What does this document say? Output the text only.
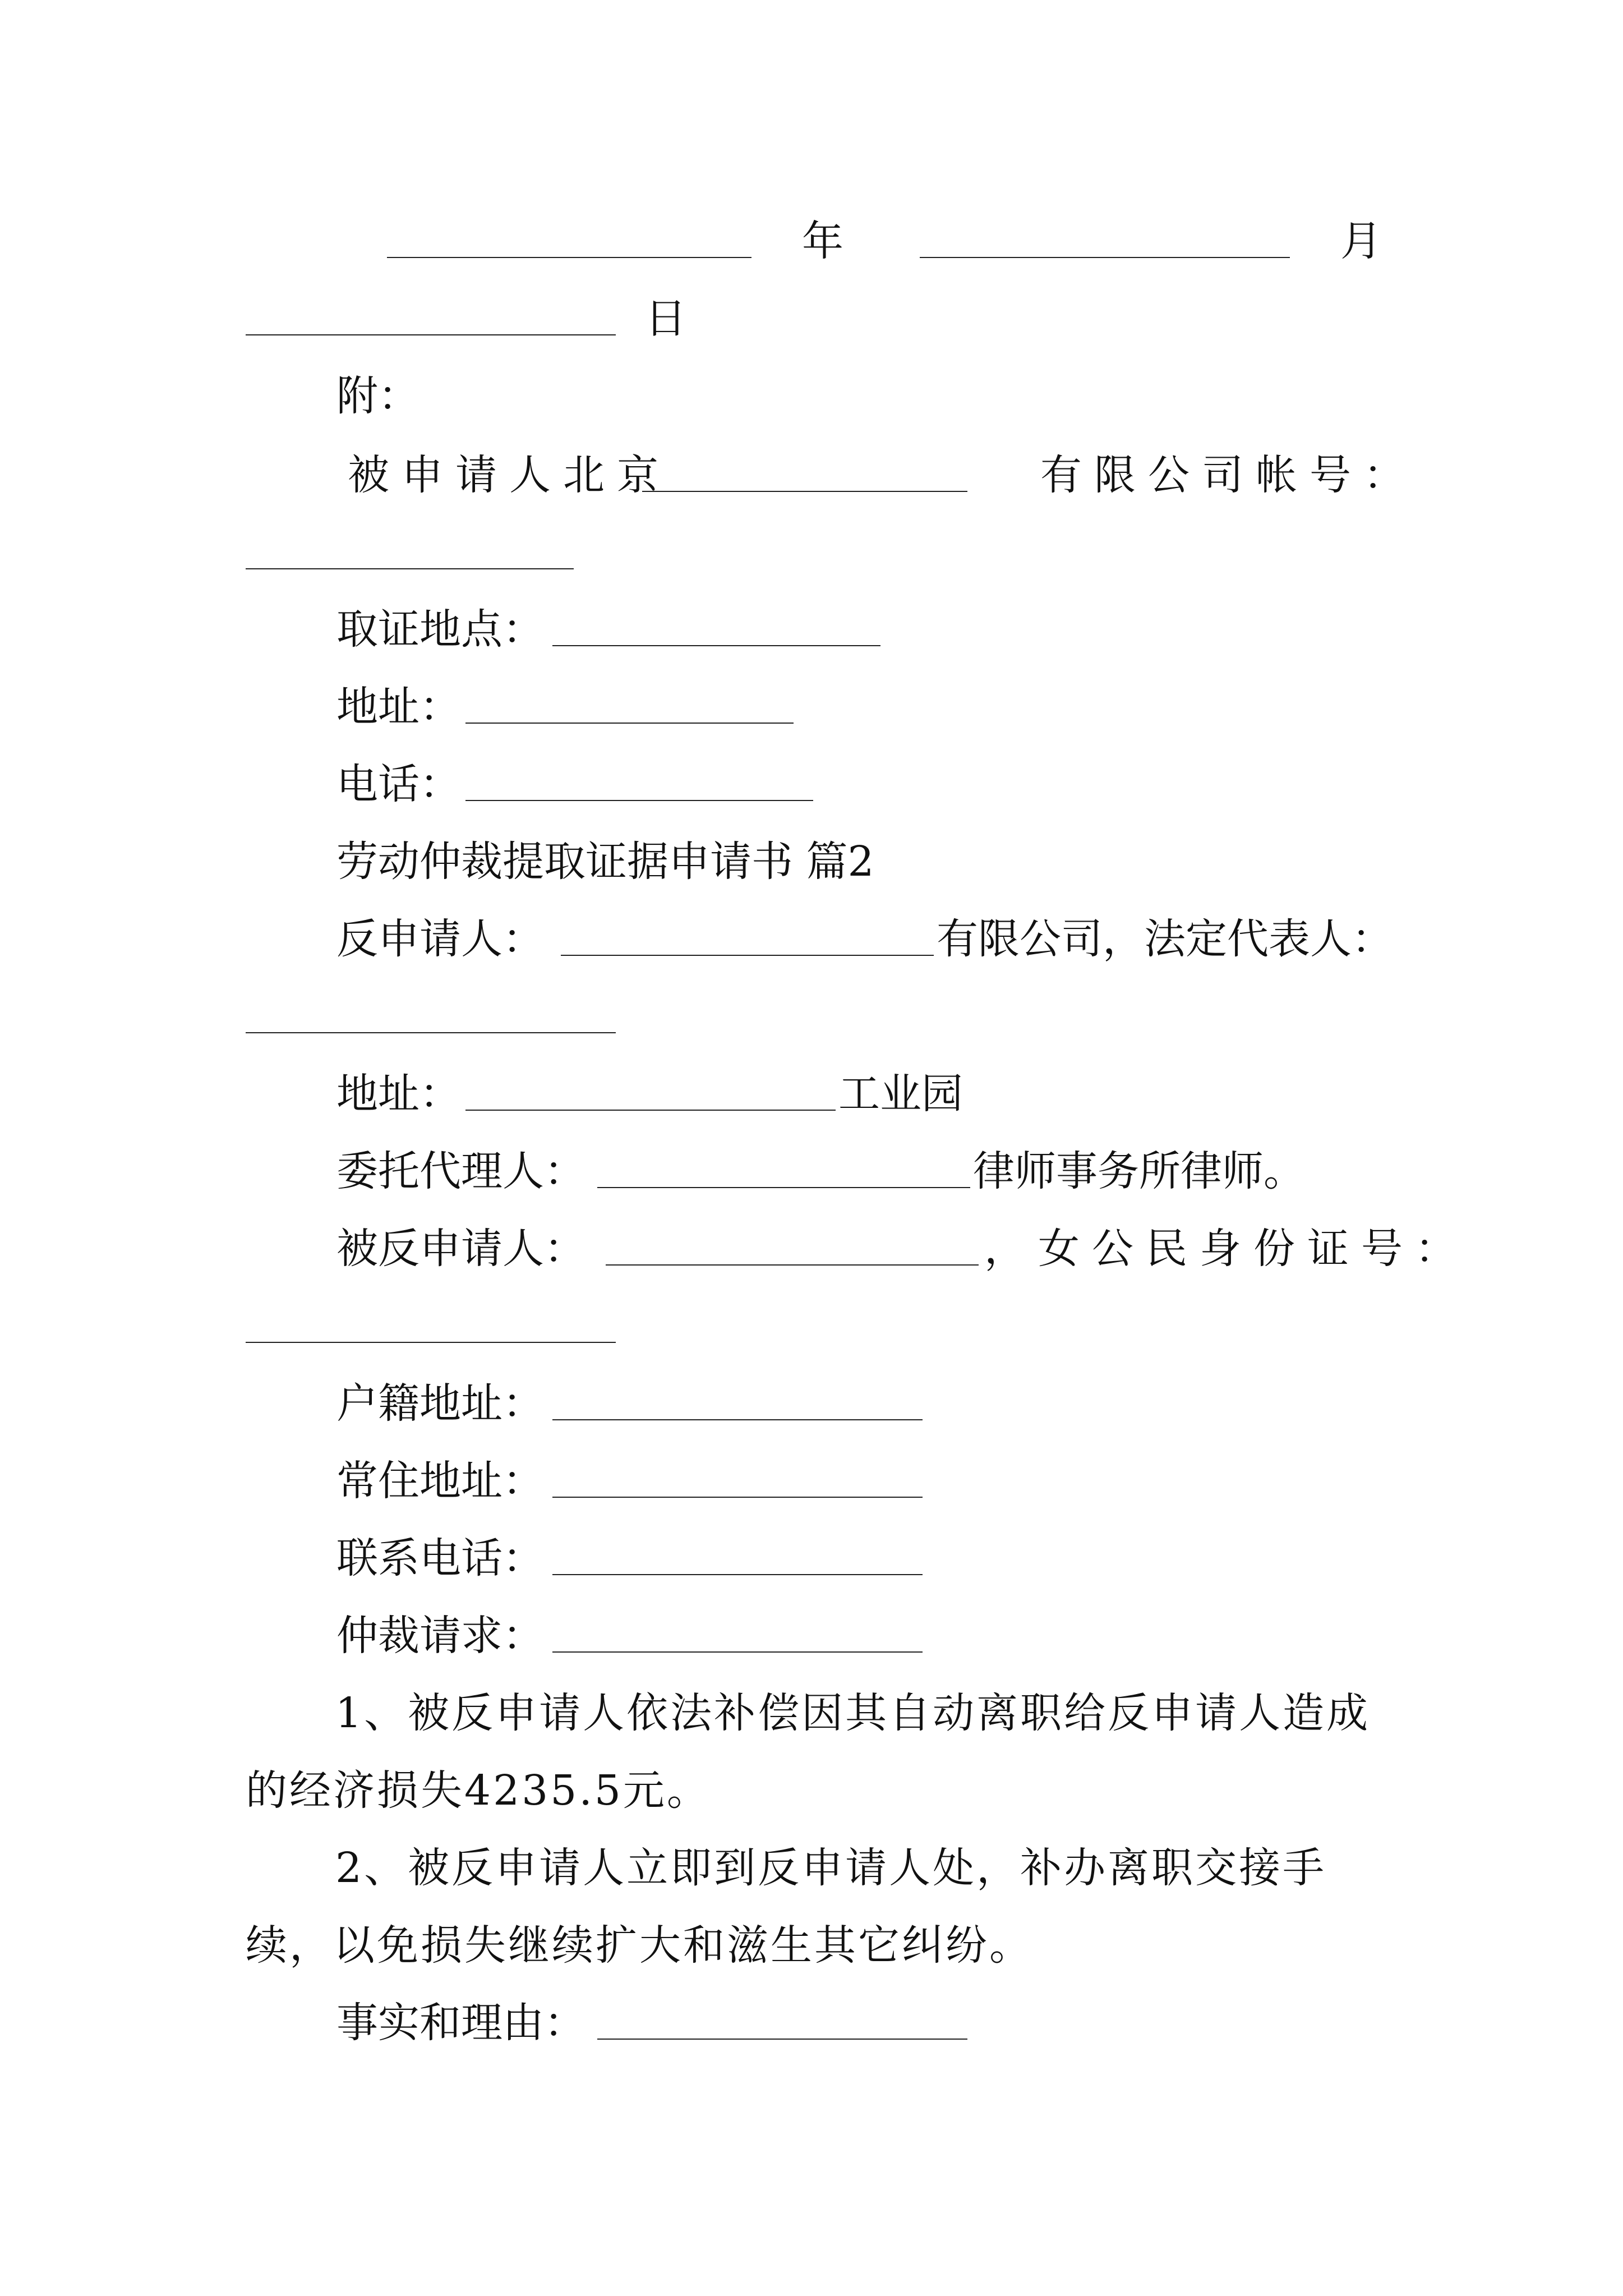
年	月
日
附：
被申请人北京	有限公司帐号：
取证地点：
地址：
电话：
劳动仲裁提取证据申请书 篇2
反申请人：	有限公司，法定代表人：
地址：	工业园
委托代理人：	律师事务所律师。
被反申请人：	，女公民身份证号：
户籍地址：
常住地址：
联系电话：
仲裁请求：
1、被反申请人依法补偿因其自动离职给反申请人造成的经济损失4235.5元。
2、被反申请人立即到反申请人处，补办离职交接手续，以免损失继续扩大和滋生其它纠纷。
事实和理由：
